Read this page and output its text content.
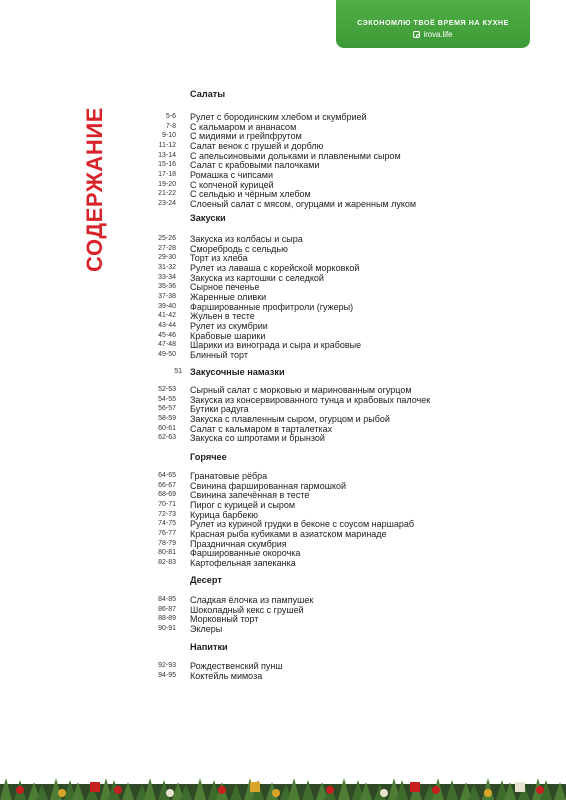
СЭКОНОМЛЮ ТВОЁ ВРЕМЯ НА КУХНЕ
irova.life
СОДЕРЖАНИЕ
Салаты
5-6 Рулет с бородинским хлебом и скумбрией
7-8 С кальмаром и ананасом
9-10 С мидиями и грейпфрутом
11-12 Салат венок с грушей и дорблю
13-14 С апельсиновыми дольками и плавлеными сыром
15-16 Салат с крабовыми палочками
17-18 Ромашка с чипсами
19-20 С копченой курицей
21-22 С сельдью и чёрным хлебом
23-24 Слоеный салат с мясом, огурцами и жаренным луком
Закуски
25-26 Закуска из колбасы и сыра
27-28 Сморебродь с сельдью
29-30 Торт из хлеба
31-32 Рулет из лаваша с корейской морковкой
33-34 Закуска из картошки с селедкой
35-36 Сырное печенье
37-38 Жаренные оливки
39-40 Фаршированные профитроли (гужеры)
41-42 Жульен в тесте
43-44 Рулет из скумбрии
45-46 Крабовые шарики
47-48 Шарики из винограда и сыра и крабовые
49-50 Блинный торт
Закусочные намазки
51
52-53 Сырный салат с морковью и маринованным огурцом
54-55 Закуска из консервированного тунца и крабовых палочек
56-57 Бутики радуга
58-59 Закуска с плавленным сыром, огурцом и рыбой
60-61 Салат с кальмаром в тарталетках
62-63 Закуска со шпротами и брынзой
Горячее
64-65 Гранатовые рёбра
66-67 Свинина фаршированная гармошкой
68-69 Свинина запечённая в тесте
70-71 Пирог с курицей и сыром
72-73 Курица барбекю
74-75 Рулет из куриной грудки в беконе с соусом наршараб
76-77 Красная рыба кубиками в азиатском маринаде
78-79 Праздничная скумбрия
80-81 Фаршированные окорочка
82-83 Картофельная запеканка
Десерт
84-85 Сладкая ёлочка из пампушек
86-87 Шоколадный кекс с грушей
88-89 Морковный торт
90-91 Эклеры
Напитки
92-93 Рождественский пунш
94-95 Коктейль мимоза
